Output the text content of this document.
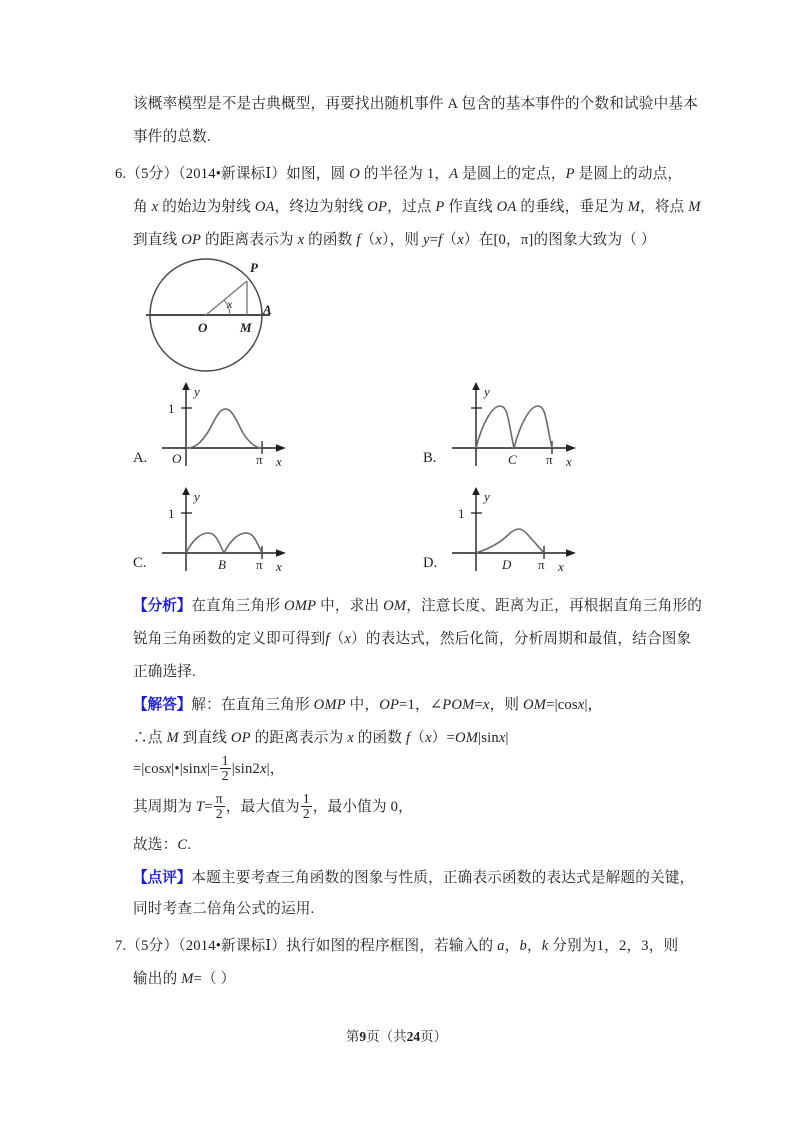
该概率模型是不是古典概型，再要找出随机事件 A 包含的基本事件的个数和试验中基本
事件的总数.
6.（5分）（2014•新课标Ⅰ）如图，圆 O 的半径为 1，A 是圆上的定点，P 是圆上的动点，
角 x 的始边为射线 OA，终边为射线 OP，过点 P 作直线 OA 的垂线，垂足为 M，将点 M
到直线 OP 的距离表示为 x 的函数 f（x），则 y=f（x）在[0，π]的图象大致为（ ）
O	M
A
P
x
y
1
O	π x
A.
y
C π x
B.
y
1
B π x
C.
y
1
D π x
D.
【分析】在直角三角形 OMP 中，求出 OM，注意长度、距离为正，再根据直角三角形的
锐角三角函数的定义即可得到f（x）的表达式，然后化简，分析周期和最值，结合图象
正确选择.
【解答】解：在直角三角形 OMP 中，OP=1，∠POM=x，则 OM=|cosx|，
∴点 M 到直线 OP 的距离表示为 x 的函数 f（x）=OM|sinx|
=|cosx|•|sinx|= $\frac{1}{2} |\sin 2x|$，
其周期为 $T= \frac{\pi}{2}$ ，最大值为 $\frac{1}{2}$ ，最小值为 0，
故选：C.
【点评】本题主要考查三角函数的图象与性质，正确表示函数的表达式是解题的关键，
同时考查二倍角公式的运用.
7.（5分）（2014•新课标Ⅰ）执行如图的程序框图，若输入的 a，b，k 分别为1，2，3，则
输出的 M=（ ）
第9页（共24页）
